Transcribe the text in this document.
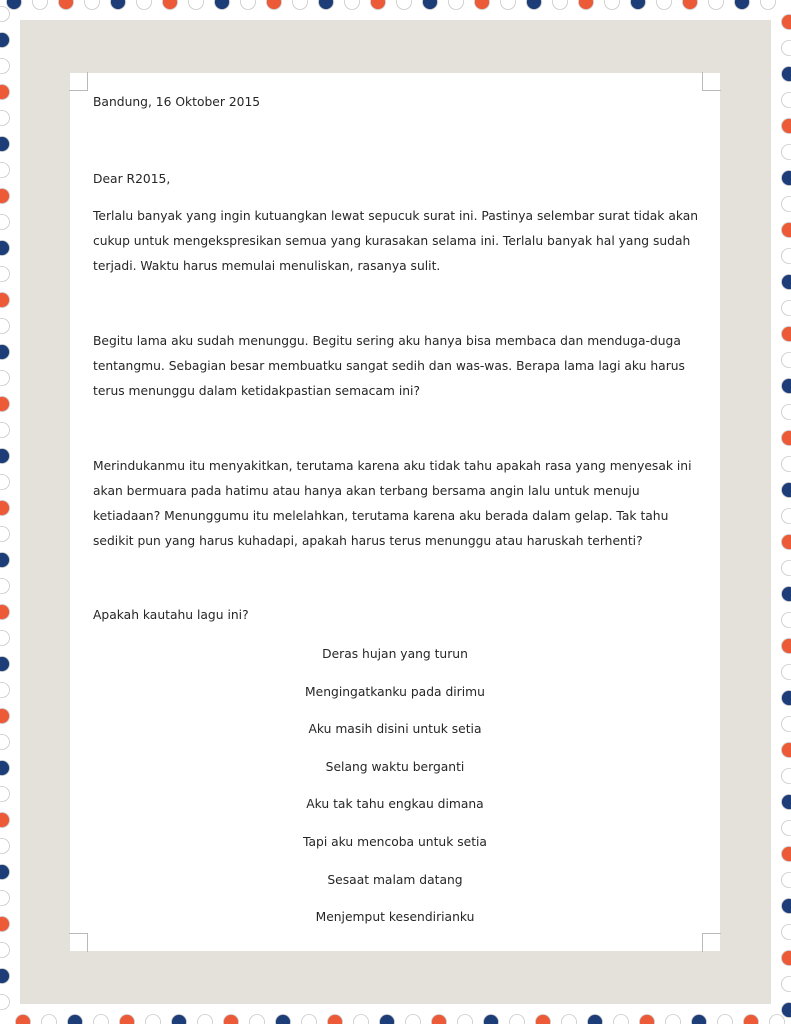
Bandung, 16 Oktober 2015

Dear R2015,

Terlalu banyak yang ingin kutuangkan lewat sepucuk surat ini. Pastinya selembar surat tidak akan cukup untuk mengekspresikan semua yang kurasakan selama ini. Terlalu banyak hal yang sudah terjadi. Waktu harus memulai menuliskan, rasanya sulit.

Begitu lama aku sudah menunggu. Begitu sering aku hanya bisa membaca dan menduga-duga tentangmu. Sebagian besar membuatku sangat sedih dan was-was. Berapa lama lagi aku harus terus menunggu dalam ketidakpastian semacam ini?

Merindukanmu itu menyakitkan, terutama karena aku tidak tahu apakah rasa yang menyesak ini akan bermuara pada hatimu atau hanya akan terbang bersama angin lalu untuk menuju ketiadaan? Menunggumu itu melelahkan, terutama karena aku berada dalam gelap. Tak tahu sedikit pun yang harus kuhadapi, apakah harus terus menunggu atau haruskah terhenti?

Apakah kautahu lagu ini?

Deras hujan yang turun
Mengingatkanku pada dirimu
Aku masih disini untuk setia
Selang waktu berganti
Aku tak tahu engkau dimana
Tapi aku mencoba untuk setia
Sesaat malam datang
Menjemput kesendirianku
